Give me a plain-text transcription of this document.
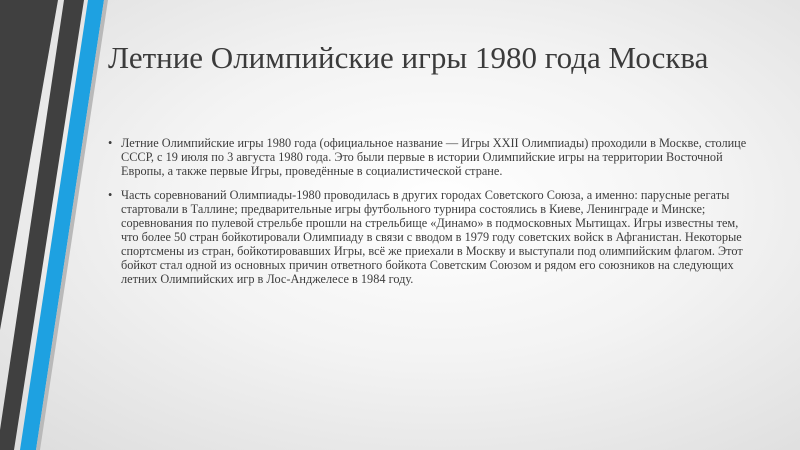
Летние Олимпийские игры 1980 года Москва
• Летние Олимпийские игры 1980 года (официальное название — Игры XXII Олимпиады) проходили в Москве, столице СССР, с 19 июля по 3 августа 1980 года. Это были первые в истории Олимпийские игры на территории Восточной Европы, а также первые Игры, проведённые в социалистической стране.
• Часть соревнований Олимпиады-1980 проводилась в других городах Советского Союза, а именно: парусные регаты стартовали в Таллине; предварительные игры футбольного турнира состоялись в Киеве, Ленинграде и Минске; соревнования по пулевой стрельбе прошли на стрельбище «Динамо» в подмосковных Мытищах. Игры известны тем, что более 50 стран бойкотировали Олимпиаду в связи с вводом в 1979 году советских войск в Афганистан. Некоторые спортсмены из стран, бойкотировавших Игры, всё же приехали в Москву и выступали под олимпийским флагом. Этот бойкот стал одной из основных причин ответного бойкота Советским Союзом и рядом его союзников на следующих летних Олимпийских игр в Лос-Анджелесе в 1984 году.
